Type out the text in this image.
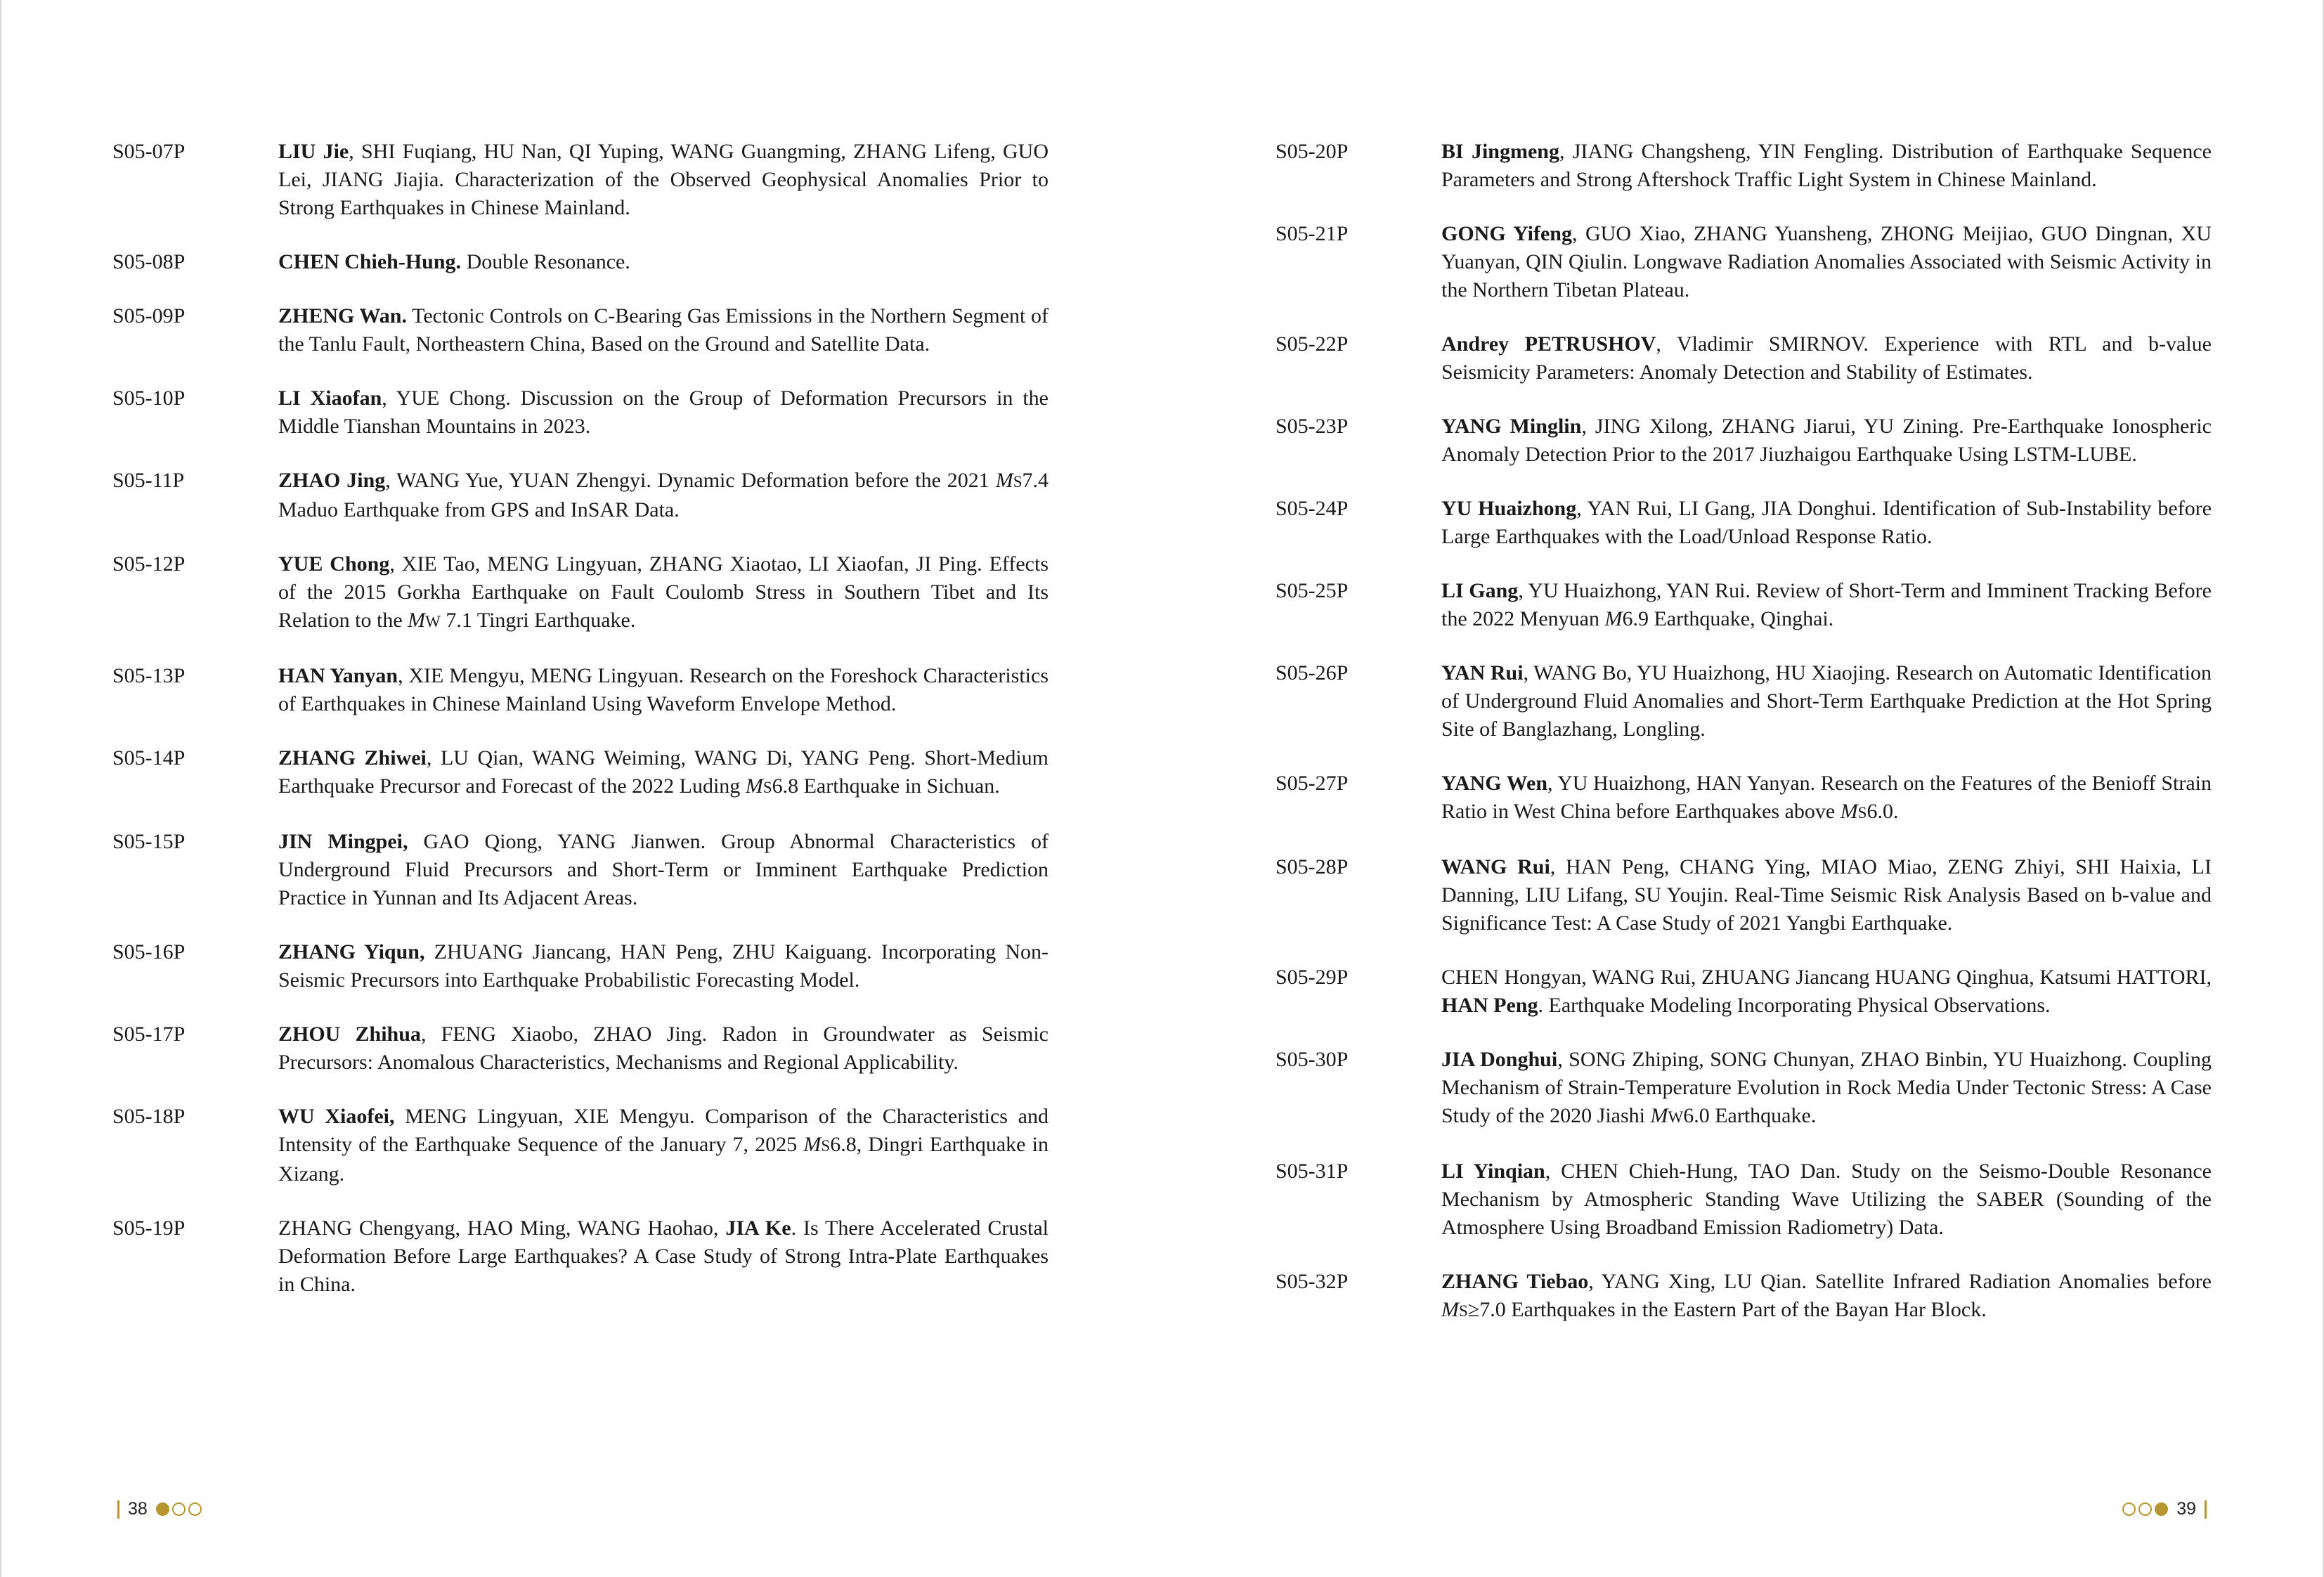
S05-07P	LIU Jie, SHI Fuqiang, HU Nan, QI Yuping, WANG Guangming, ZHANG Lifeng, GUO Lei, JIANG Jiajia. Characterization of the Observed Geophysical Anomalies Prior to Strong Earthquakes in Chinese Mainland.
S05-08P	CHEN Chieh-Hung. Double Resonance.
S05-09P	ZHENG Wan. Tectonic Controls on C-Bearing Gas Emissions in the Northern Segment of the Tanlu Fault, Northeastern China, Based on the Ground and Satellite Data.
S05-10P	LI Xiaofan, YUE Chong. Discussion on the Group of Deformation Precursors in the Middle Tianshan Mountains in 2023.
S05-11P	ZHAO Jing, WANG Yue, YUAN Zhengyi. Dynamic Deformation before the 2021 MS7.4 Maduo Earthquake from GPS and InSAR Data.
S05-12P	YUE Chong, XIE Tao, MENG Lingyuan, ZHANG Xiaotao, LI Xiaofan, JI Ping. Effects of the 2015 Gorkha Earthquake on Fault Coulomb Stress in Southern Tibet and Its Relation to the MW 7.1 Tingri Earthquake.
S05-13P	HAN Yanyan, XIE Mengyu, MENG Lingyuan. Research on the Foreshock Characteristics of Earthquakes in Chinese Mainland Using Waveform Envelope Method.
S05-14P	ZHANG Zhiwei, LU Qian, WANG Weiming, WANG Di, YANG Peng. Short-Medium Earthquake Precursor and Forecast of the 2022 Luding MS6.8 Earthquake in Sichuan.
S05-15P	JIN Mingpei, GAO Qiong, YANG Jianwen. Group Abnormal Characteristics of Underground Fluid Precursors and Short-Term or Imminent Earthquake Prediction Practice in Yunnan and Its Adjacent Areas.
S05-16P	ZHANG Yiqun, ZHUANG Jiancang, HAN Peng, ZHU Kaiguang. Incorporating Non-Seismic Precursors into Earthquake Probabilistic Forecasting Model.
S05-17P	ZHOU Zhihua, FENG Xiaobo, ZHAO Jing. Radon in Groundwater as Seismic Precursors: Anomalous Characteristics, Mechanisms and Regional Applicability.
S05-18P	WU Xiaofei, MENG Lingyuan, XIE Mengyu. Comparison of the Characteristics and Intensity of the Earthquake Sequence of the January 7, 2025 MS6.8, Dingri Earthquake in Xizang.
S05-19P	ZHANG Chengyang, HAO Ming, WANG Haohao, JIA Ke. Is There Accelerated Crustal Deformation Before Large Earthquakes? A Case Study of Strong Intra-Plate Earthquakes in China.
S05-20P	BI Jingmeng, JIANG Changsheng, YIN Fengling. Distribution of Earthquake Sequence Parameters and Strong Aftershock Traffic Light System in Chinese Mainland.
S05-21P	GONG Yifeng, GUO Xiao, ZHANG Yuansheng, ZHONG Meijiao, GUO Dingnan, XU Yuanyan, QIN Qiulin. Longwave Radiation Anomalies Associated with Seismic Activity in the Northern Tibetan Plateau.
S05-22P	Andrey PETRUSHOV, Vladimir SMIRNOV. Experience with RTL and b-value Seismicity Parameters: Anomaly Detection and Stability of Estimates.
S05-23P	YANG Minglin, JING Xilong, ZHANG Jiarui, YU Zining. Pre-Earthquake Ionospheric Anomaly Detection Prior to the 2017 Jiuzhaigou Earthquake Using LSTM-LUBE.
S05-24P	YU Huaizhong, YAN Rui, LI Gang, JIA Donghui. Identification of Sub-Instability before Large Earthquakes with the Load/Unload Response Ratio.
S05-25P	LI Gang, YU Huaizhong, YAN Rui. Review of Short-Term and Imminent Tracking Before the 2022 Menyuan M6.9 Earthquake, Qinghai.
S05-26P	YAN Rui, WANG Bo, YU Huaizhong, HU Xiaojing. Research on Automatic Identification of Underground Fluid Anomalies and Short-Term Earthquake Prediction at the Hot Spring Site of Banglazhang, Longling.
S05-27P	YANG Wen, YU Huaizhong, HAN Yanyan. Research on the Features of the Benioff Strain Ratio in West China before Earthquakes above MS6.0.
S05-28P	WANG Rui, HAN Peng, CHANG Ying, MIAO Miao, ZENG Zhiyi, SHI Haixia, LI Danning, LIU Lifang, SU Youjin. Real-Time Seismic Risk Analysis Based on b-value and Significance Test: A Case Study of 2021 Yangbi Earthquake.
S05-29P	CHEN Hongyan, WANG Rui, ZHUANG Jiancang HUANG Qinghua, Katsumi HATTORI, HAN Peng. Earthquake Modeling Incorporating Physical Observations.
S05-30P	JIA Donghui, SONG Zhiping, SONG Chunyan, ZHAO Binbin, YU Huaizhong. Coupling Mechanism of Strain-Temperature Evolution in Rock Media Under Tectonic Stress: A Case Study of the 2020 Jiashi MW6.0 Earthquake.
S05-31P	LI Yinqian, CHEN Chieh-Hung, TAO Dan. Study on the Seismo-Double Resonance Mechanism by Atmospheric Standing Wave Utilizing the SABER (Sounding of the Atmosphere Using Broadband Emission Radiometry) Data.
S05-32P	ZHANG Tiebao, YANG Xing, LU Qian. Satellite Infrared Radiation Anomalies before MS≥7.0 Earthquakes in the Eastern Part of the Bayan Har Block.
38	39
